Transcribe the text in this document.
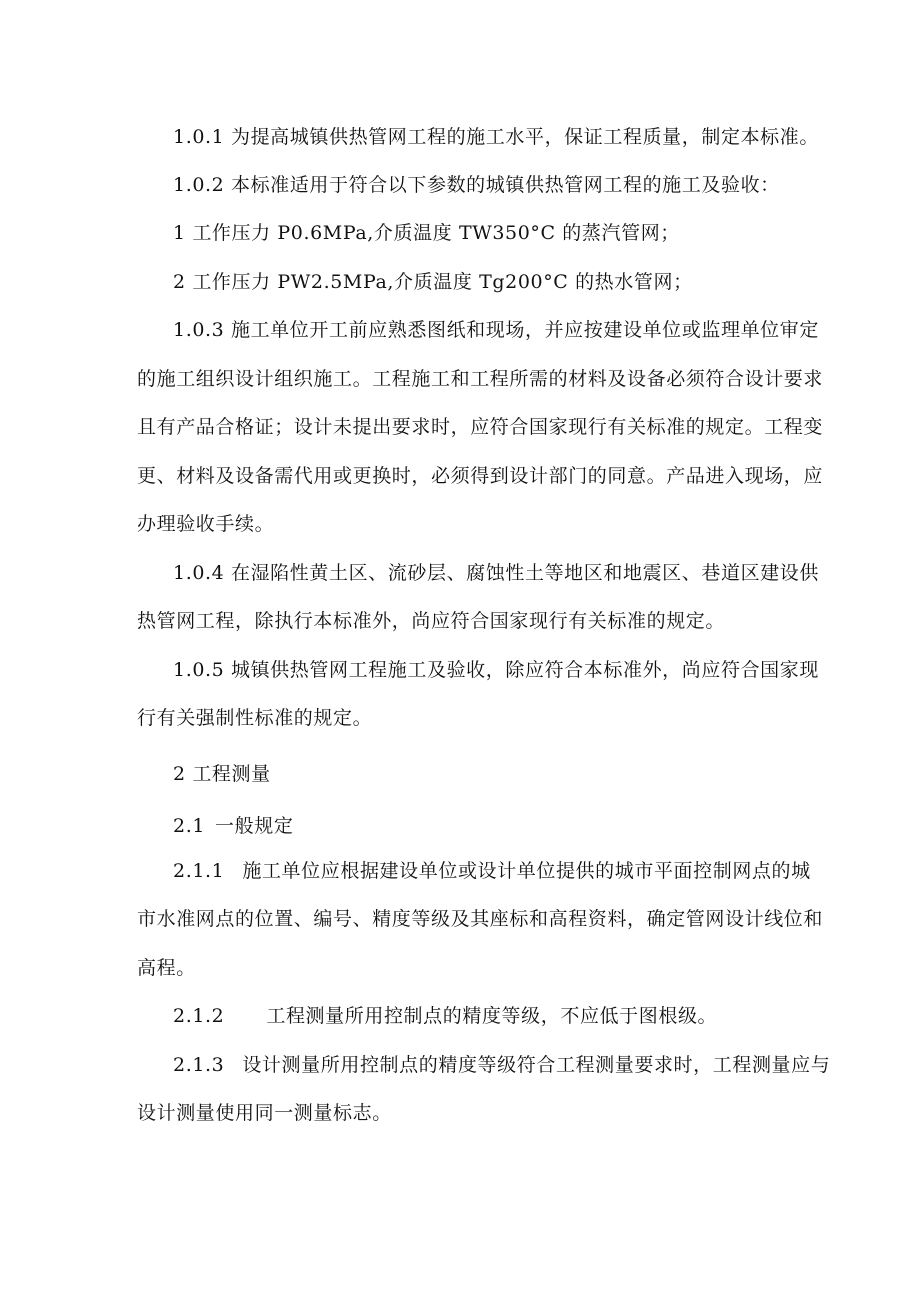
1.0.1 为提高城镇供热管网工程的施工水平，保证工程质量，制定本标准。
1.0.2 本标准适用于符合以下参数的城镇供热管网工程的施工及验收：
1 工作压力 P0.6MPa,介质温度 TW350°C 的蒸汽管网；
2 工作压力 PW2.5MPa,介质温度 Tg200°C 的热水管网；
1.0.3 施工单位开工前应熟悉图纸和现场，并应按建设单位或监理单位审定
的施工组织设计组织施工。工程施工和工程所需的材料及设备必须符合设计要求
且有产品合格证；设计未提出要求时，应符合国家现行有关标准的规定。工程变
更、材料及设备需代用或更换时，必须得到设计部门的同意。产品进入现场，应
办理验收手续。
1.0.4 在湿陷性黄土区、流砂层、腐蚀性土等地区和地震区、巷道区建设供
热管网工程，除执行本标准外，尚应符合国家现行有关标准的规定。
1.0.5 城镇供热管网工程施工及验收，除应符合本标准外，尚应符合国家现
行有关强制性标准的规定。
2 工程测量
2.1 一般规定
2.1.1 施工单位应根据建设单位或设计单位提供的城市平面控制网点的城
市水准网点的位置、编号、精度等级及其座标和高程资料，确定管网设计线位和
高程。
2.1.2 工程测量所用控制点的精度等级，不应低于图根级。
2.1.3 设计测量所用控制点的精度等级符合工程测量要求时，工程测量应与
设计测量使用同一测量标志。
